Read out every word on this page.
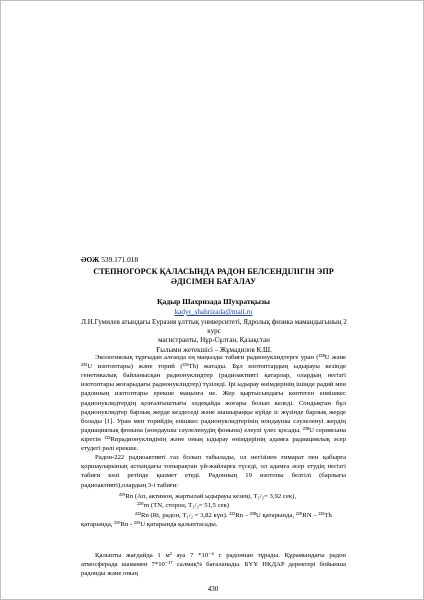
ӘОЖ 539.171.018
СТЕПНОГОРСК ҚАЛАСЫНДА РАДОН БЕЛСЕНДІЛІГІН ЭПР ӘДІСІМЕН БАҒАЛАУ
Қадыр Шахризада Шухратқызы
kadyr_shahrizada@mail.ru
Л.Н.Гумилев атындағы Еуразия ұлттық университеті, Ядролық физика мамандығының 2 курс
магистранты, Нұр-Сұлтан, Қазақстан
Ғылыми жетекшісі – Жұмадилов К.Ш.

Экологиялық тұрғыдан алғанда ең маңызды табиғи радионуклидтерге уран (²³⁸U және ²³⁵U изотоптары) және торий (²³²Th) жатады. Бұл изотоптардың ыдырауы кезінде генетикалық байланысқан радионуклидтер (радиоактивті қатарлар, олардың негізгі изотоптары жоғарыдағы радионуклидтер) түзіледі. Ірі ыдырау өнімдерінің ішінде радий мен радонның изотоптары ерекше маңызға ие. Жер қыртысындағы көптеген ениішкес радионуклидтердің қозғалғыштығы әлдеқайда жоғары болып келеді. Сондықтан бұл радионуклидтер барлық жерде кездеседі және шашыраңқы күйде іс жүзінде барлық жерде болады [1]. Уран мен торийдің енішкес радионуклидтерінің иондаушы сәулеленуі жердің радиациялық фонына (иондаушы сәулеленудің фонына) елеулі үлес қосады. ²³⁸U сериясына кіретін ²²²Rnрадионуклидінің және оның ыдырау өнімдерінің адамға радиациялық әсер етудегі рөлі ерекше.

Радон-222 радиоактивті газ болып табылады, ол негізінен ғимарат пен қабырға қоршауларының астындағы топырақтан үй-жайларға түседі, ол адамға әсер етудің негізгі табиғи көзі ретінде қызмет етеді. Радонның 19 изотопы белгілі (барлығы радиоактивті),олардың 3-і табиғи:

²¹⁹Rn (Ап, актинон, жартылай ыдырауы кезеңі, T₁/₂= 3,92 сек),
²²⁰rn (TN, сторон, T₁/₂= 51,5 сек)
²²²Rn (Rt, радон, T₁/₂ = 3,82 күн). ²²²Rn – ²³⁸U қатарында, ²²⁰RN – ²³²Th қатарында, ²¹⁹Rn - ²³⁵U қатарында қалыптасады.

Қалыпты жағдайда 1 м² ауа 7 *10⁻⁶ г радоннан тұрады. Құрамындағы радон атмосферада шамамен 7*10⁻¹⁷ салмақ% бағаланады. БҮҰ НКДАР деректері бойынша радонды және оның

430
